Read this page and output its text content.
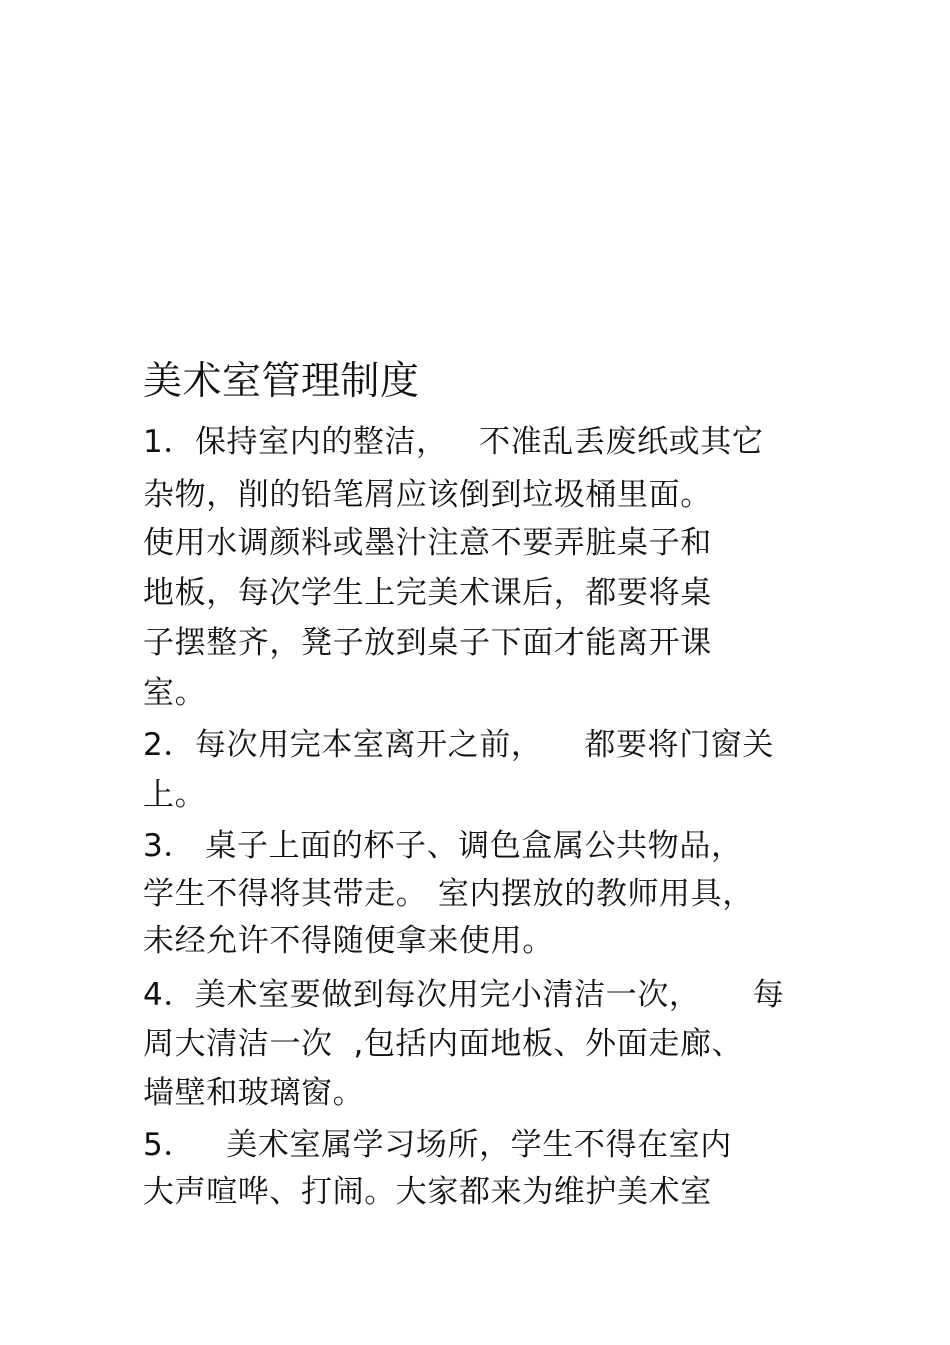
美术室管理制度
1．保持室内的整洁，   不准乱丢废纸或其它
杂物，削的铅笔屑应该倒到垃圾桶里面。
使用水调颜料或墨汁注意不要弄脏桌子和
地板，每次学生上完美术课后，都要将桌
子摆整齐，凳子放到桌子下面才能离开课
室。
2．每次用完本室离开之前，    都要将门窗关
上。
3． 桌子上面的杯子、调色盒属公共物品，
学生不得将其带走。 室内摆放的教师用具，
未经允许不得随便拿来使用。
4．美术室要做到每次用完小清洁一次，     每
周大清洁一次  ,包括内面地板、外面走廊、
墙壁和玻璃窗。
5．   美术室属学习场所，学生不得在室内
大声喧哗、打闹。大家都来为维护美术室
